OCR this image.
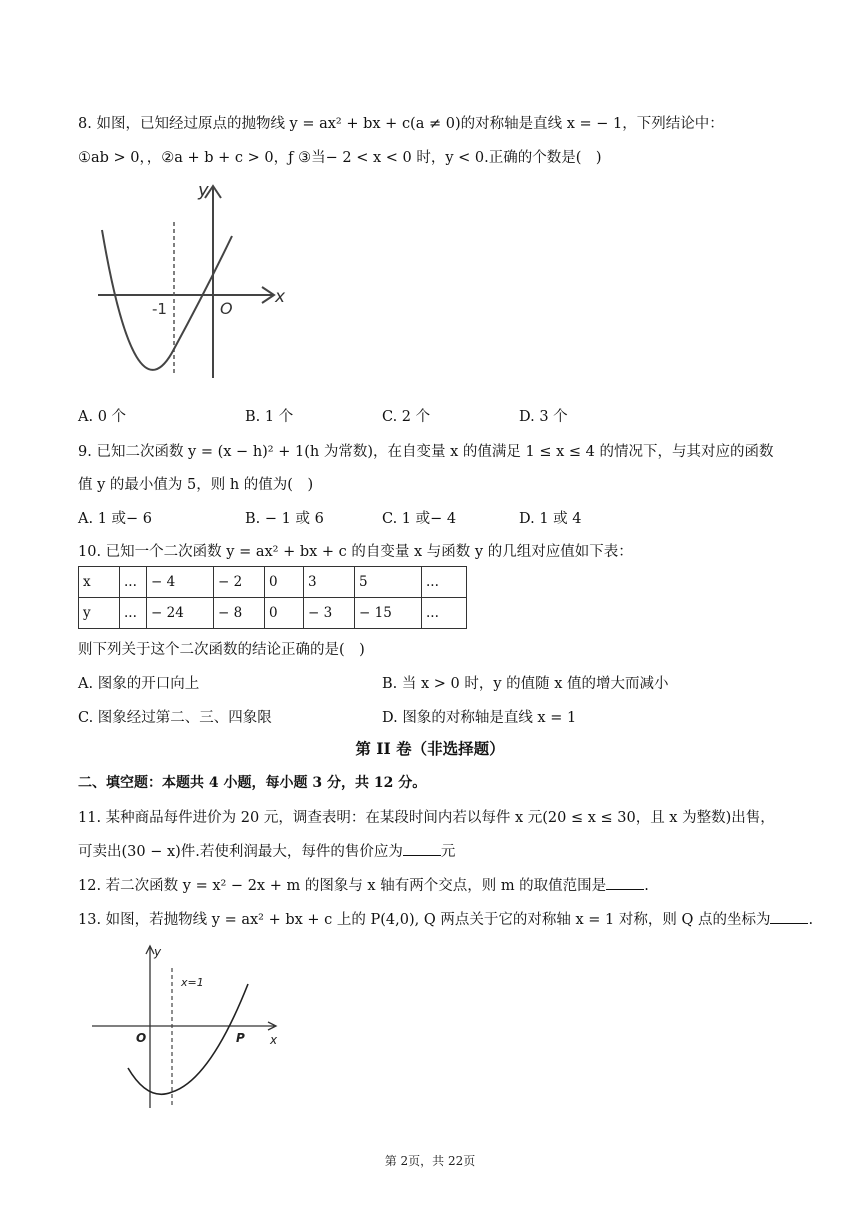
8. 如图，已知经过原点的抛物线 y = ax² + bx + c(a ≠ 0)的对称轴是直线 x = − 1，下列结论中：
①ab > 0，，②a + b + c > 0，ƒ ③当− 2 < x < 0 时，y < 0.正确的个数是(　)
y
x
O
-1
A. 0 个	B. 1 个	C. 2 个	D. 3 个
9. 已知二次函数 y = (x − h)² + 1(h 为常数)，在自变量 x 的值满足 1 ≤ x ≤ 4 的情况下，与其对应的函数
值 y 的最小值为 5，则 h 的值为(　)
A. 1 或− 6	B. − 1 或 6	C. 1 或− 4	D. 1 或 4
10. 已知一个二次函数 y = ax² + bx + c 的自变量 x 与函数 y 的几组对应值如下表：
x	...	− 4	− 2	0	3	5	...
y	...	− 24	− 8	0	− 3	− 15	...
则下列关于这个二次函数的结论正确的是(　)
A. 图象的开口向上	B. 当 x > 0 时，y 的值随 x 值的增大而减小
C. 图象经过第二、三、四象限	D. 图象的对称轴是直线 x = 1
第 II 卷（非选择题）
二、填空题：本题共 4 小题，每小题 3 分，共 12 分。
11. 某种商品每件进价为 20 元，调查表明：在某段时间内若以每件 x 元(20 ≤ x ≤ 30，且 x 为整数)出售，
可卖出(30 − x)件.若使利润最大，每件的售价应为	元
12. 若二次函数 y = x² − 2x + m 的图象与 x 轴有两个交点，则 m 的取值范围是	.
13. 如图，若抛物线 y = ax² + bx + c 上的 P(4,0), Q 两点关于它的对称轴 x = 1 对称，则 Q 点的坐标为	.
y
x
x=1
O	P
第 2页，共 22页
